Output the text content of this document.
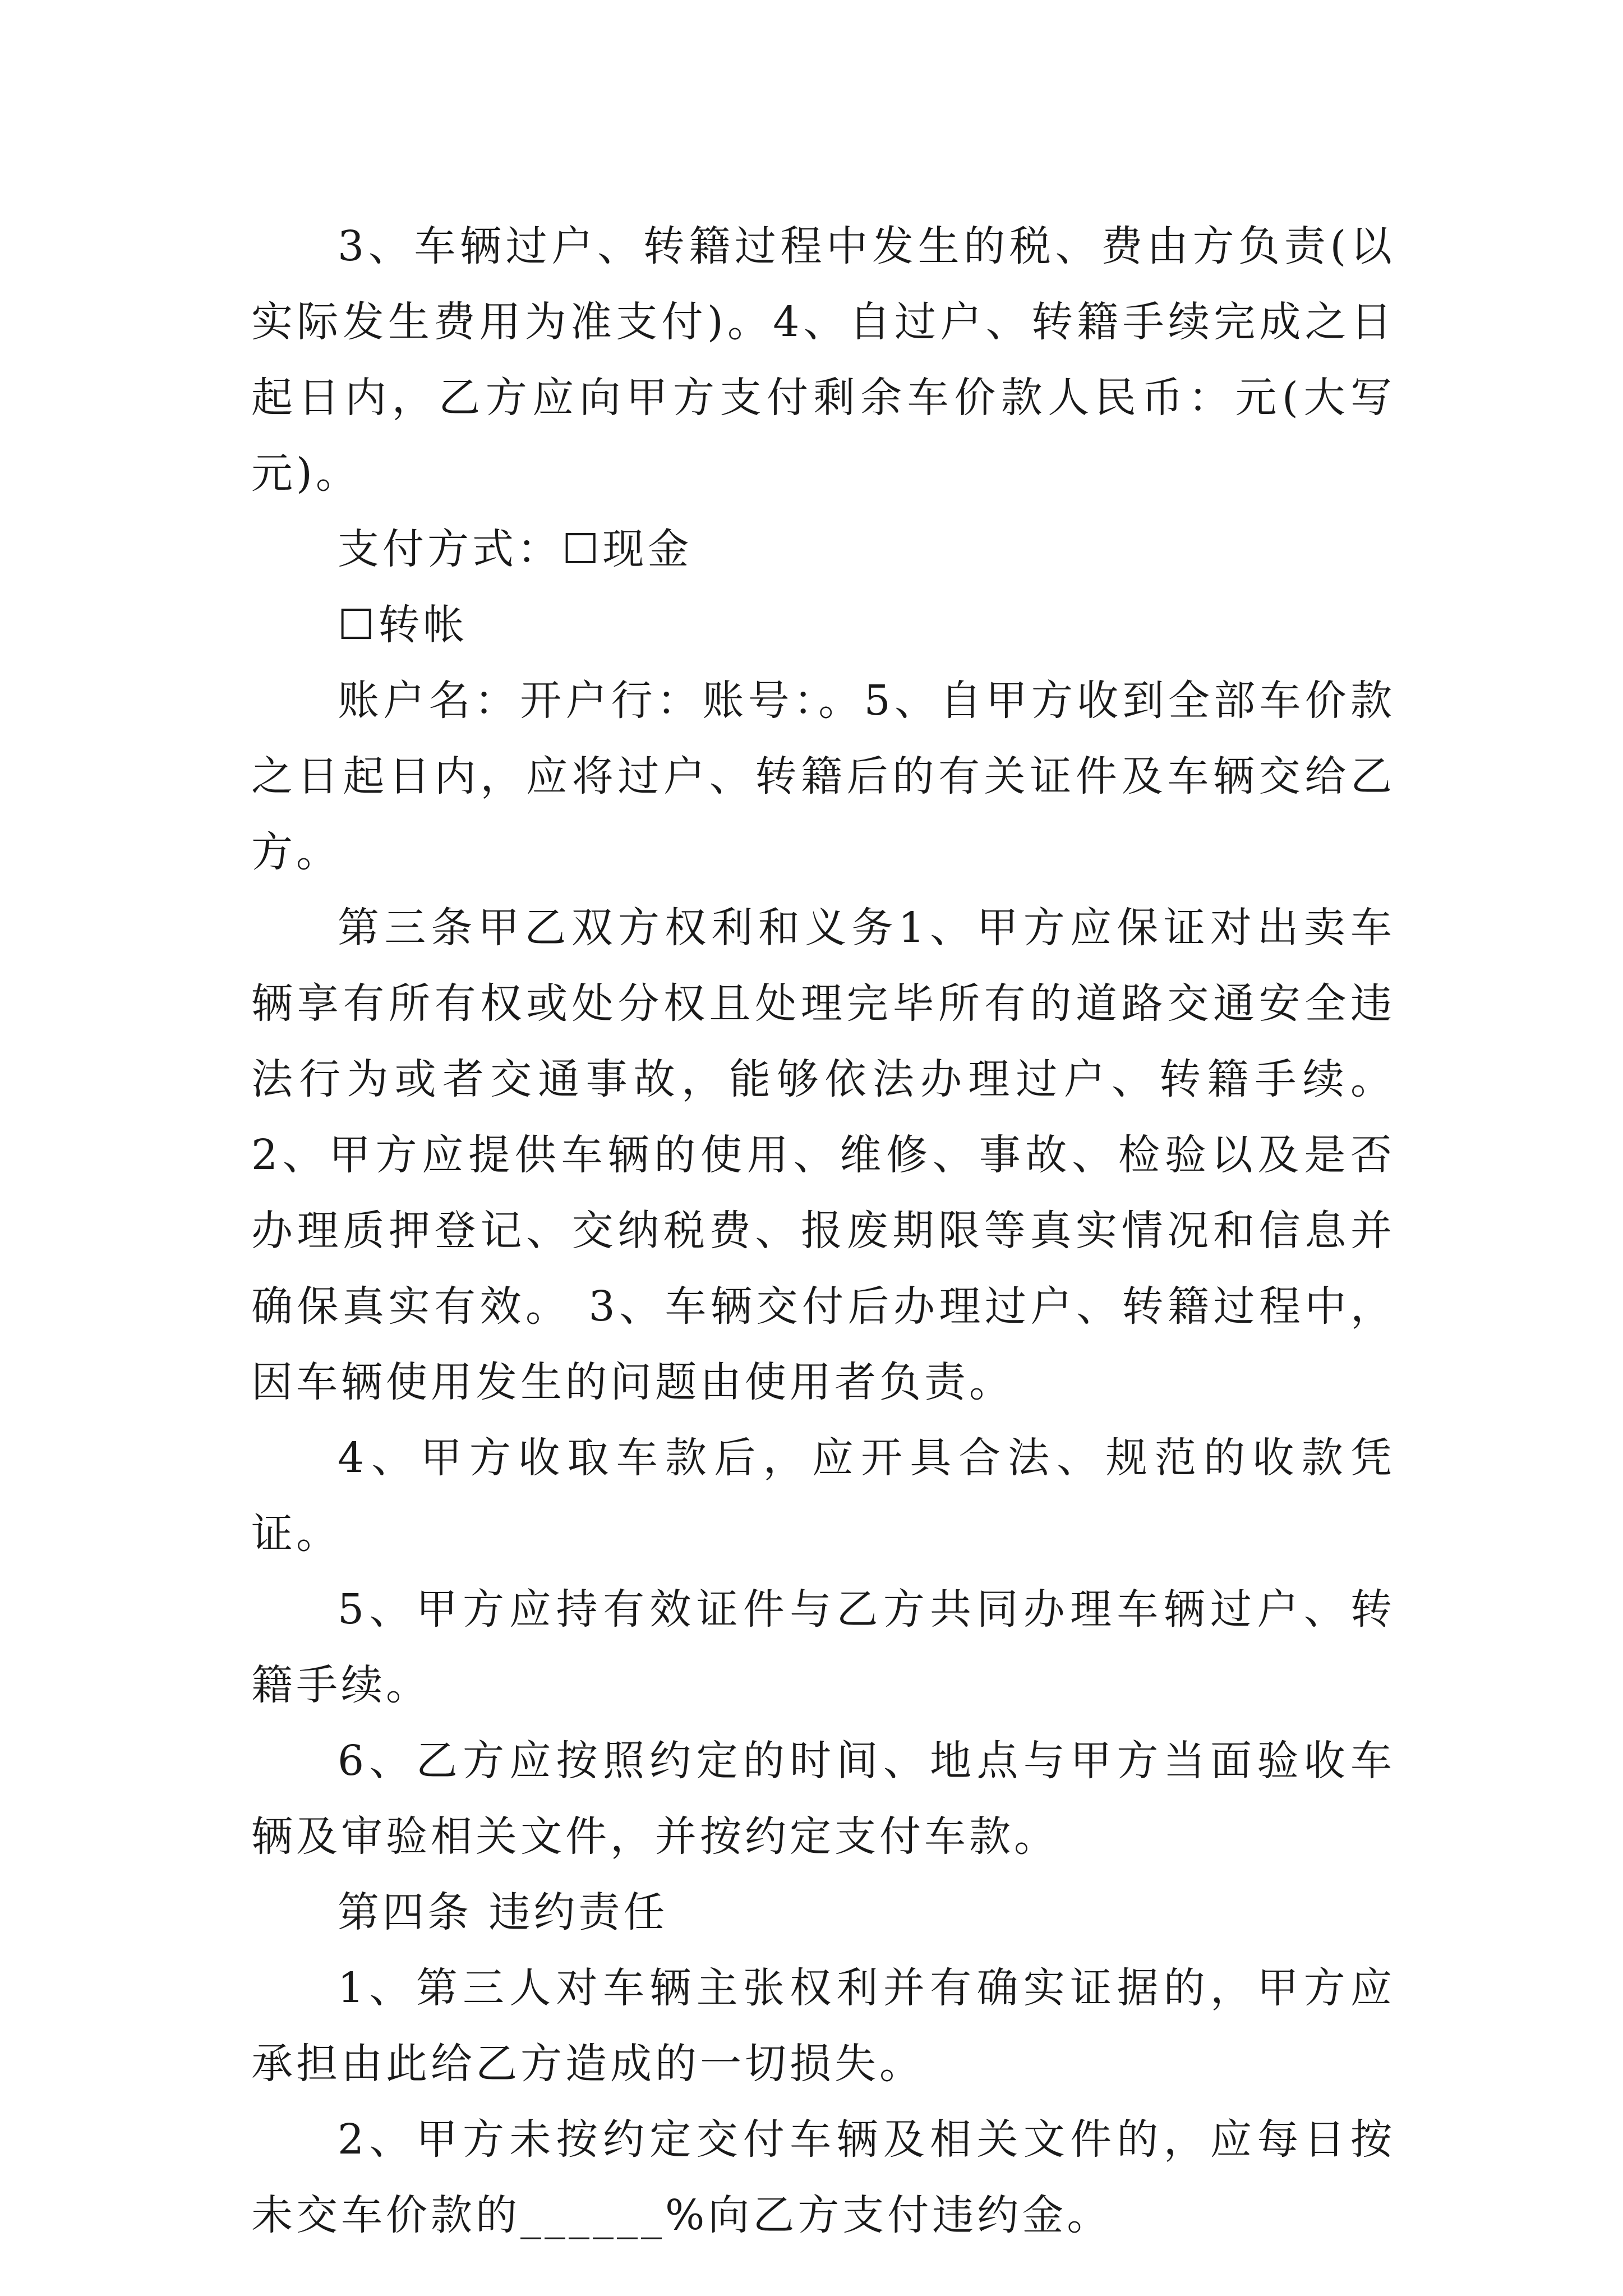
3、车辆过户、转籍过程中发生的税、费由方负责(以实际发生费用为准支付)。4、自过户、转籍手续完成之日起日内，乙方应向甲方支付剩余车价款人民币：元(大写元)。

支付方式：☐现金

☐转帐

账户名：开户行：账号：。5、自甲方收到全部车价款之日起日内，应将过户、转籍后的有关证件及车辆交给乙方。

第三条甲乙双方权利和义务1、甲方应保证对出卖车辆享有所有权或处分权且处理完毕所有的道路交通安全违法行为或者交通事故，能够依法办理过户、转籍手续。 2、甲方应提供车辆的使用、维修、事故、检验以及是否办理质押登记、交纳税费、报废期限等真实情况和信息并确保真实有效。 3、车辆交付后办理过户、转籍过程中，因车辆使用发生的问题由使用者负责。

4、甲方收取车款后，应开具合法、规范的收款凭证。

5、甲方应持有效证件与乙方共同办理车辆过户、转籍手续。

6、乙方应按照约定的时间、地点与甲方当面验收车辆及审验相关文件，并按约定支付车款。

第四条 违约责任

1、第三人对车辆主张权利并有确实证据的，甲方应承担由此给乙方造成的一切损失。

2、甲方未按约定交付车辆及相关文件的，应每日按未交车价款的______%向乙方支付违约金。
